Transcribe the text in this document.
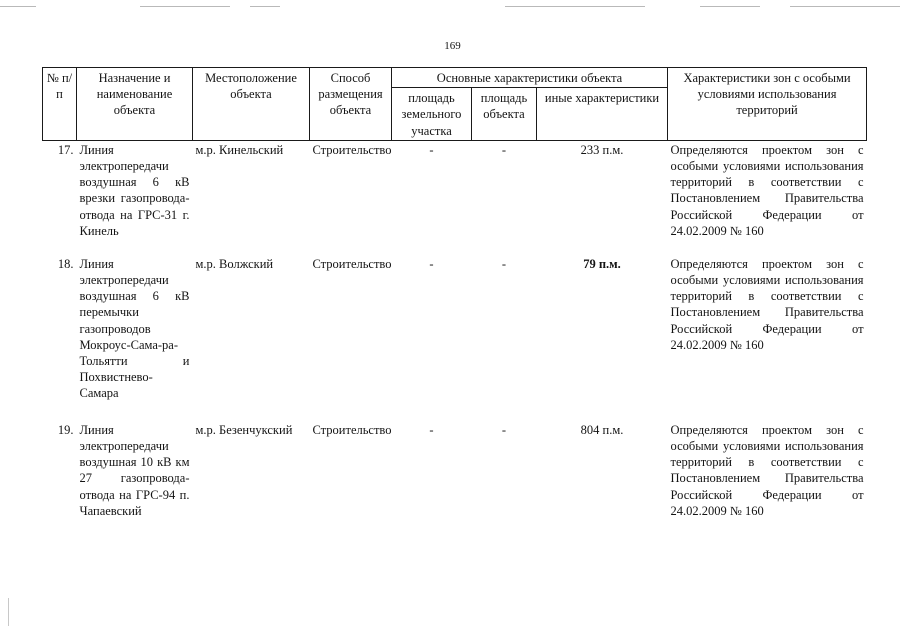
169
№ п/п	Назначение и наименование объекта	Местоположение объекта	Способ размещения объекта	Основные характеристики объекта			Характеристики зон с особыми условиями использования территорий
				площадь земельного участка	площадь объекта	иные характеристики	
17.	Линия электропередачи воздушная 6 кВ врезки газопровода-отвода на ГРС-31 г. Кинель	м.р. Кинельский	Строительство	-	-	233 п.м.	Определяются проектом зон с особыми условиями использования территорий в соответствии с Постановлением Правительства Российской Федерации от 24.02.2009 № 160
18.	Линия электропередачи воздушная 6 кВ перемычки газопроводов Мокроус-Сама-ра-Тольятти и Похвистнево-Самара	м.р. Волжский	Строительство	-	-	79 п.м.	Определяются проектом зон с особыми условиями использования территорий в соответствии с Постановлением Правительства Российской Федерации от 24.02.2009 № 160
19.	Линия электропередачи воздушная 10 кВ км 27 газопровода-отвода на ГРС-94 п. Чапаевский	м.р. Безенчукский	Строительство	-	-	804 п.м.	Определяются проектом зон с особыми условиями использования территорий в соответствии с Постановлением Правительства Российской Федерации от 24.02.2009 № 160
